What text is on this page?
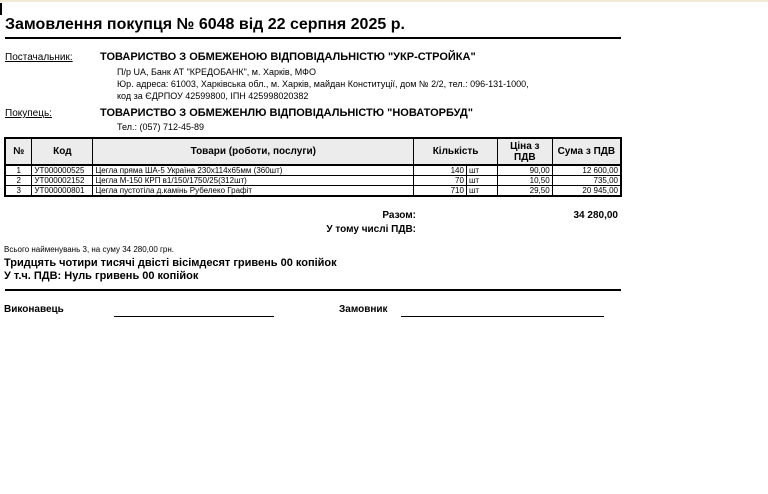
Замовлення покупця № 6048 від 22 серпня 2025 р.
Постачальник: ТОВАРИСТВО З ОБМЕЖЕНОЮ ВІДПОВІДАЛЬНІСТЮ "УКР-СТРОЙКА"
П/р UA, Банк АТ "КРЕДОБАНК", м. Харків, МФО
Юр. адреса: 61003, Харківська обл., м. Харків, майдан Конституції, дом № 2/2, тел.: 096-131-1000,
код за ЄДРПОУ 42599800, ІПН 425998020382
Покупець:	ТОВАРИСТВО З ОБМЕЖЕНЛЮ ВІДПОВІДАЛЬНІСТЮ "НОВАТОРБУД"
Тел.: (057) 712-45-89
№	Код	Товари (роботи, послуги)	Кількість	Ціна з ПДВ	Сума з ПДВ
1	УТ000000525	Цегла пряма ША-5 Україна 230х114х65мм (360шт)	140 шт	90,00	12 600,00
2	УТ000002152	Цегла М-150 КРП в1/150/1750/25(312шт)	70 шт	10,50	735,00
3	УТ000000801	Цегла пустотіла д.камінь Рубелеко Графіт	710 шт	29,50	20 945,00
Разом:	34 280,00
У тому числі ПДВ:
Всього найменувань 3, на суму 34 280,00 грн.
Тридцять чотири тисячі двісті вісімдесят гривень 00 копійок
У т.ч. ПДВ: Нуль гривень 00 копійок
Виконавець	Замовник
